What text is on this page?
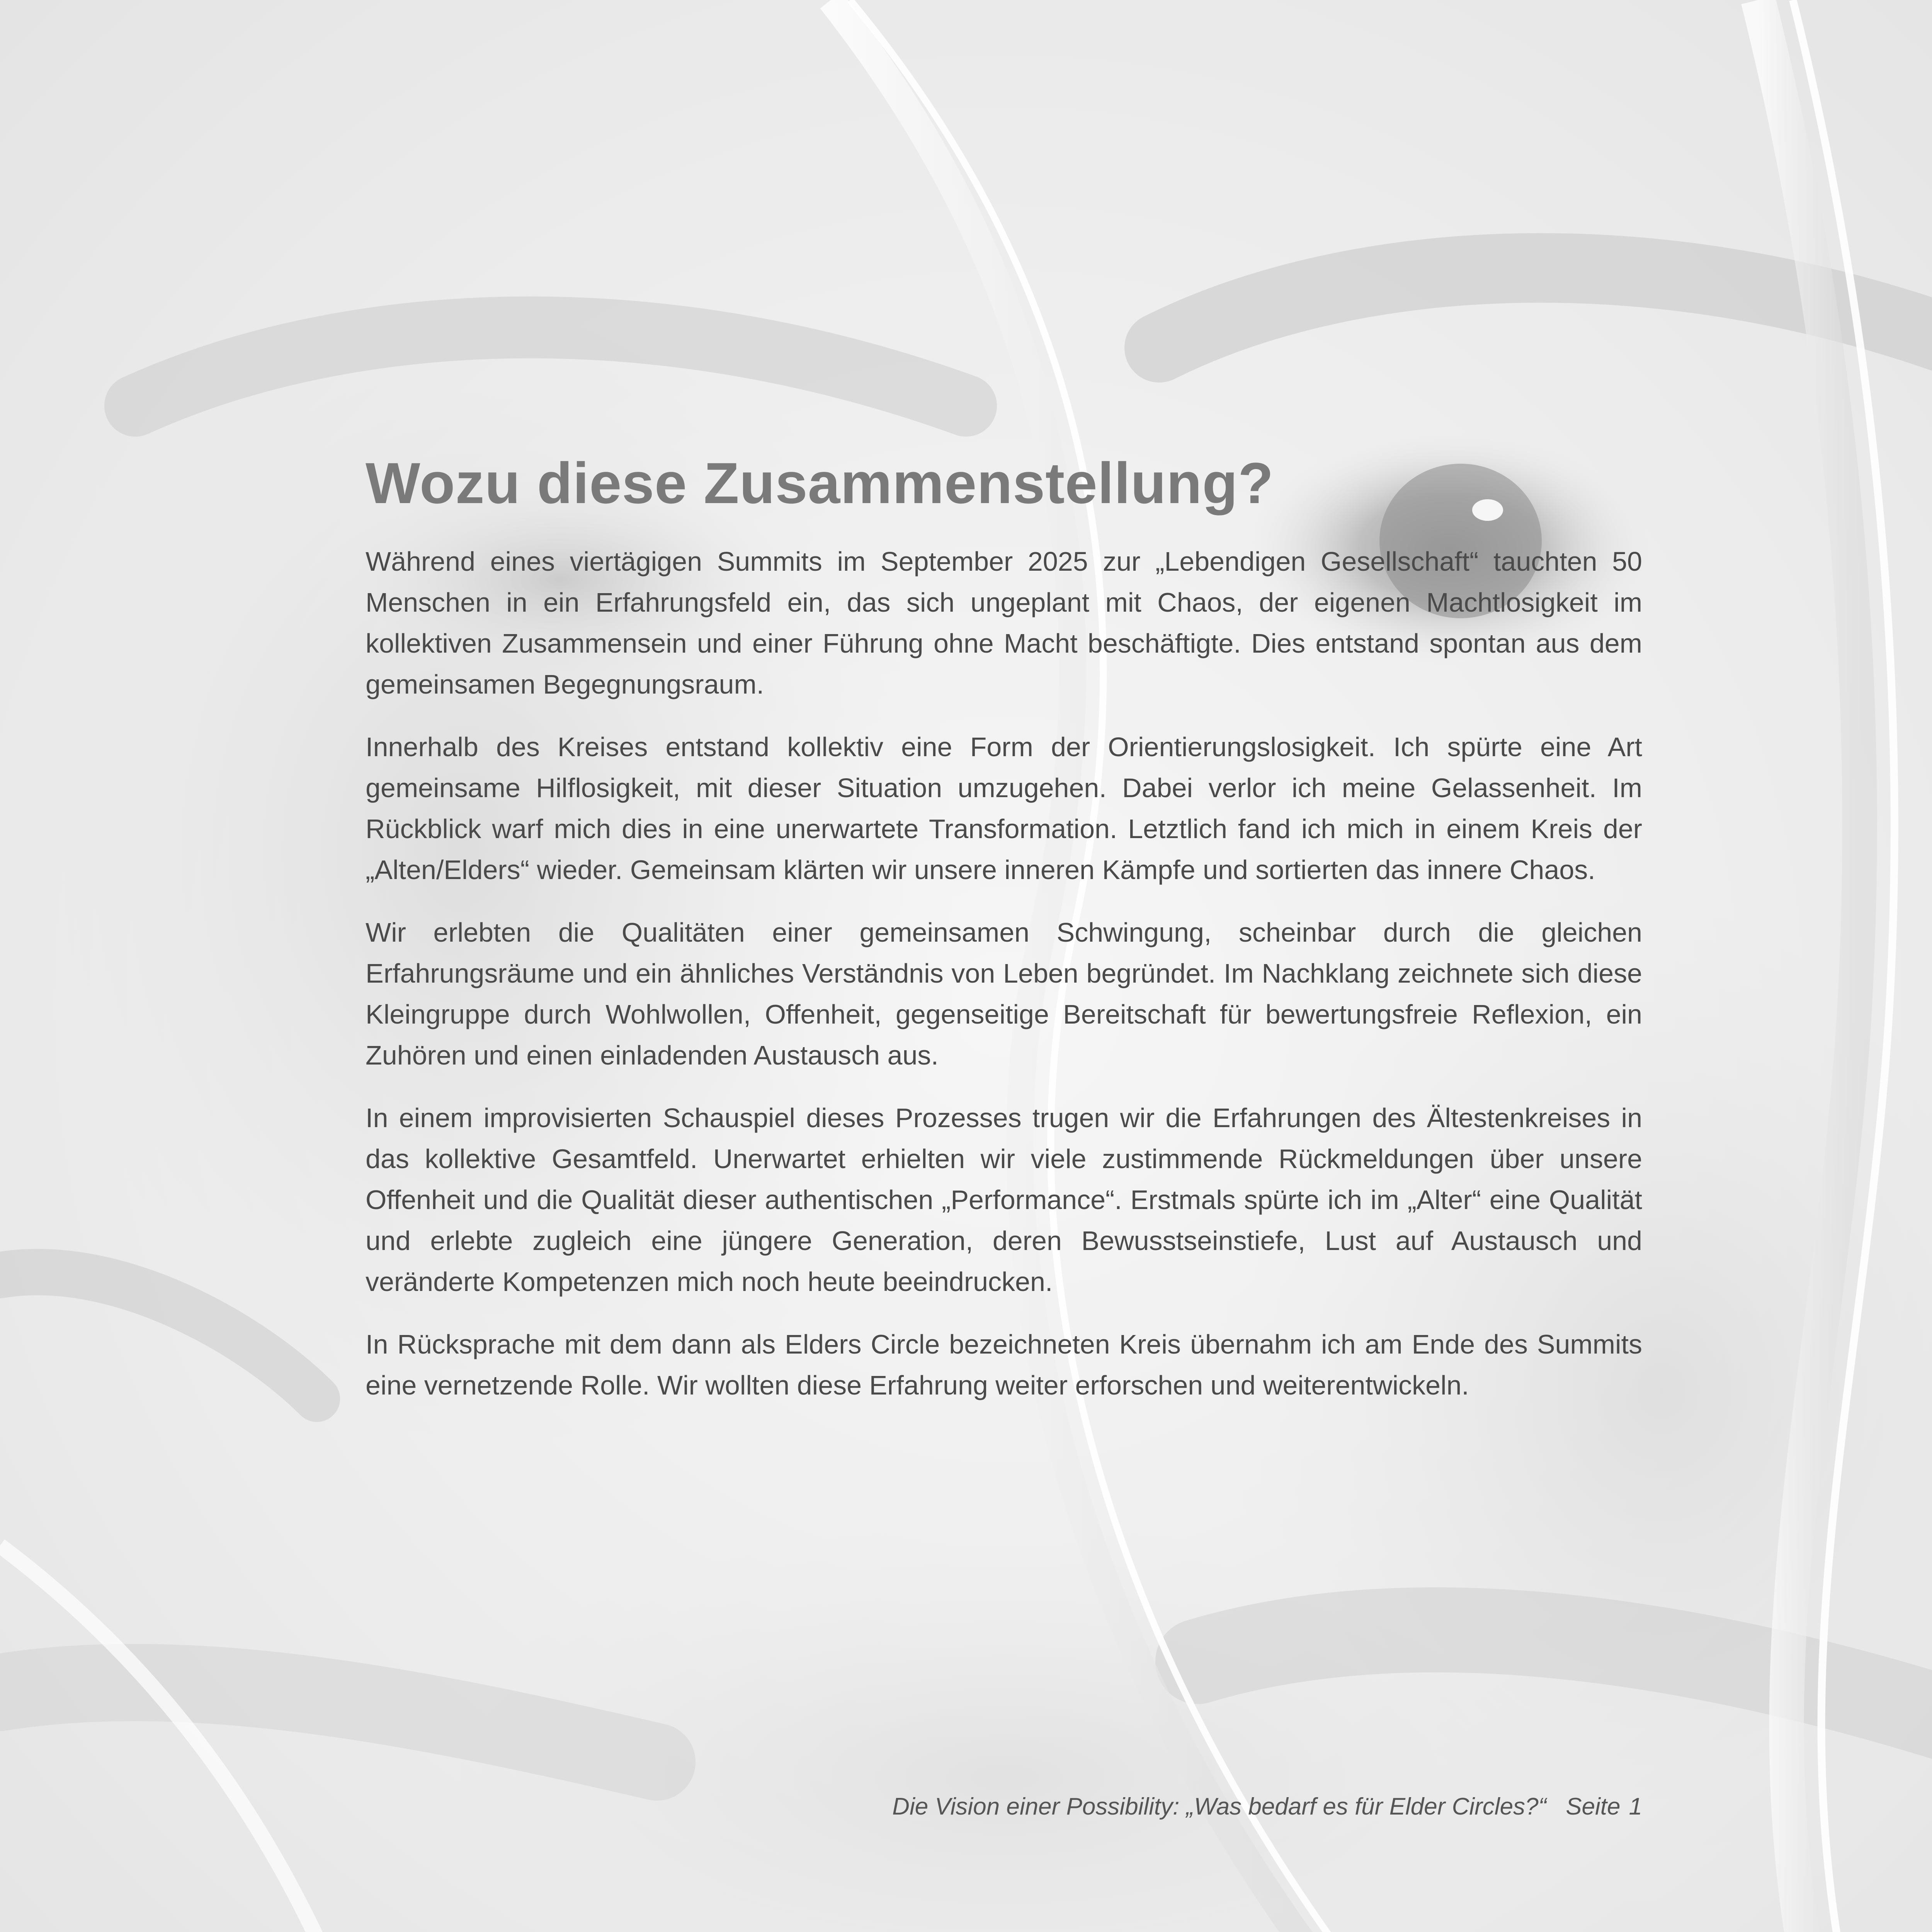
Wozu diese Zusammenstellung?

Während eines viertägigen Summits im September 2025 zur „Lebendigen Gesellschaft“ tauchten 50 Menschen in ein Erfahrungsfeld ein, das sich ungeplant mit Chaos, der eigenen Machtlosigkeit im kollektiven Zusammensein und einer Führung ohne Macht beschäftigte. Dies entstand spontan aus dem gemeinsamen Begegnungsraum.

Innerhalb des Kreises entstand kollektiv eine Form der Orientierungslosigkeit. Ich spürte eine Art gemeinsame Hilflosigkeit, mit dieser Situation umzugehen. Dabei verlor ich meine Gelassenheit. Im Rückblick warf mich dies in eine unerwartete Transformation. Letztlich fand ich mich in einem Kreis der „Alten/Elders“ wieder. Gemeinsam klärten wir unsere inneren Kämpfe und sortierten das innere Chaos.

Wir erlebten die Qualitäten einer gemeinsamen Schwingung, scheinbar durch die gleichen Erfahrungsräume und ein ähnliches Verständnis von Leben begründet. Im Nachklang zeichnete sich diese Kleingruppe durch Wohlwollen, Offenheit, gegenseitige Bereitschaft für bewertungsfreie Reflexion, ein Zuhören und einen einladenden Austausch aus.

In einem improvisierten Schauspiel dieses Prozesses trugen wir die Erfahrungen des Ältestenkreises in das kollektive Gesamtfeld. Unerwartet erhielten wir viele zustimmende Rückmeldungen über unsere Offenheit und die Qualität dieser authentischen „Performance“. Erstmals spürte ich im „Alter“ eine Qualität und erlebte zugleich eine jüngere Generation, deren Bewusstseinstiefe, Lust auf Austausch und veränderte Kompetenzen mich noch heute beeindrucken.

In Rücksprache mit dem dann als Elders Circle bezeichneten Kreis übernahm ich am Ende des Summits eine vernetzende Rolle. Wir wollten diese Erfahrung weiter erforschen und weiterentwickeln.

Die Vision einer Possibility: „Was bedarf es für Elder Circles?“ Seite 1
